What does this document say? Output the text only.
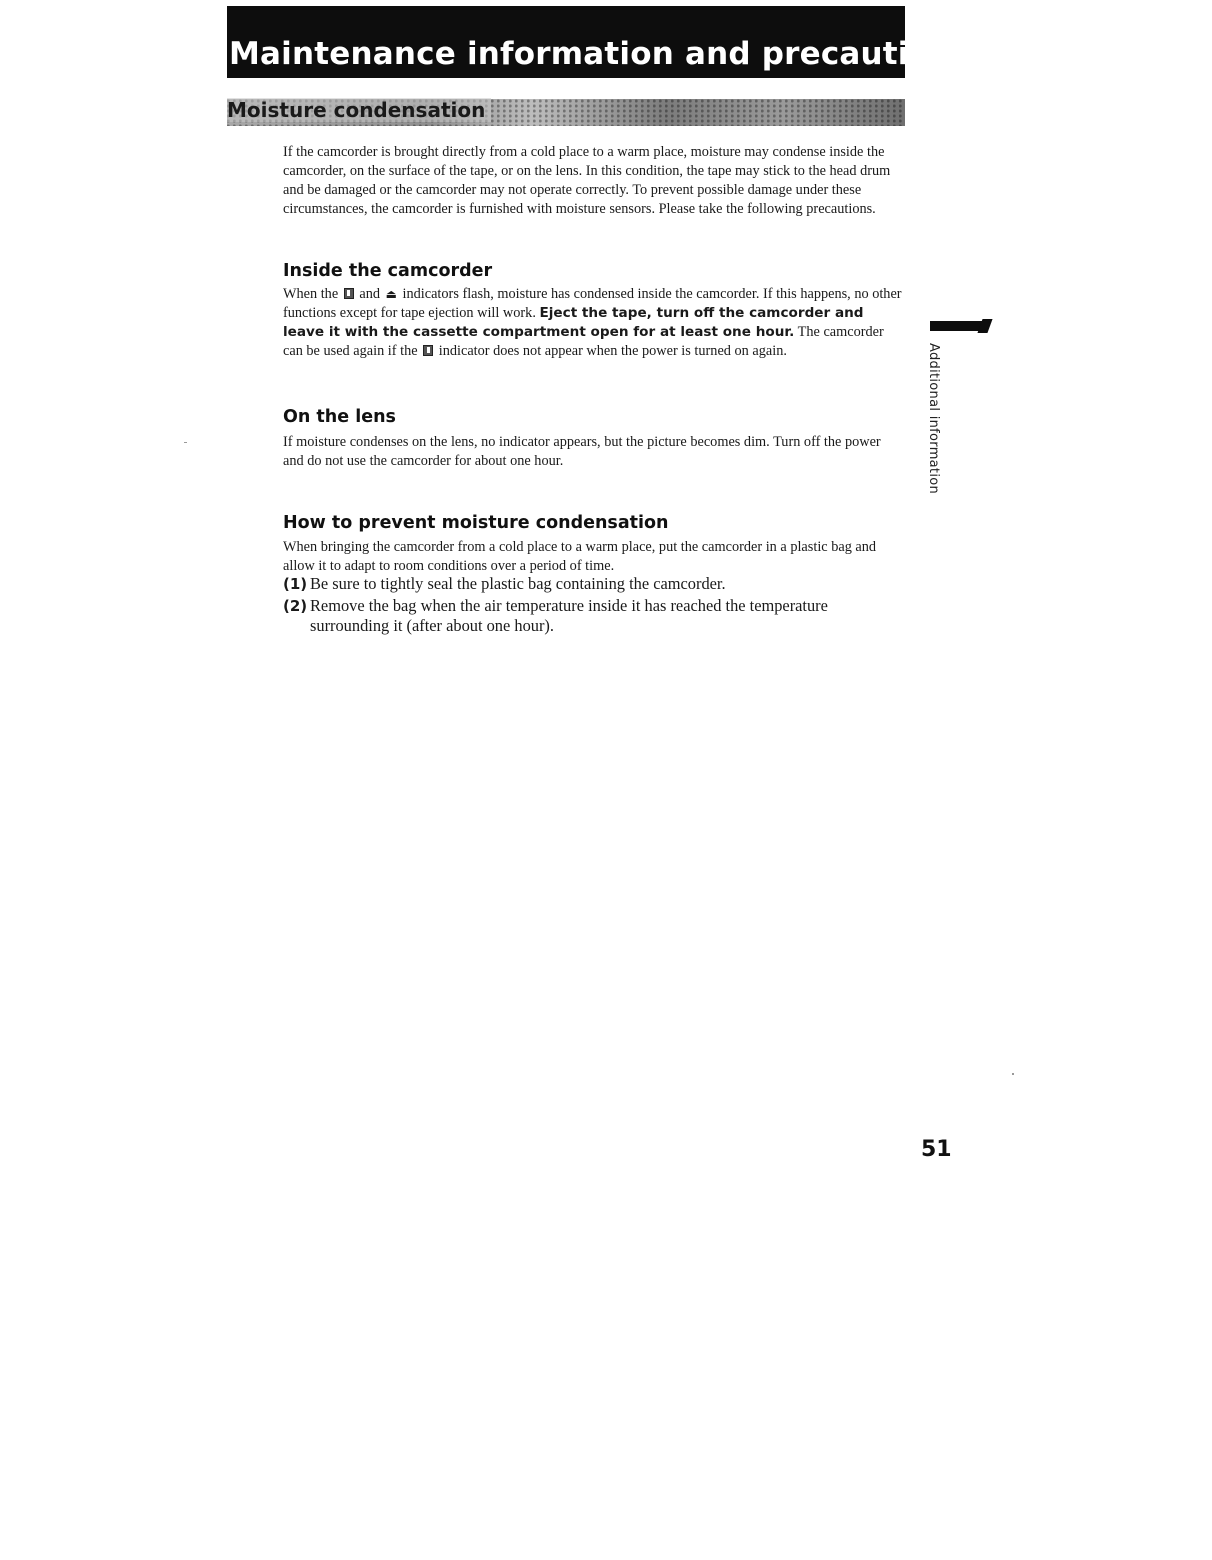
Maintenance information and precautions
Moisture condensation

If the camcorder is brought directly from a cold place to a warm place, moisture may condense inside the camcorder, on the surface of the tape, or on the lens. In this condition, the tape may stick to the head drum and be damaged or the camcorder may not operate correctly. To prevent possible damage under these circumstances, the camcorder is furnished with moisture sensors. Please take the following precautions.

Inside the camcorder

When the and ⏏ indicators flash, moisture has condensed inside the camcorder. If this happens, no other functions except for tape ejection will work. Eject the tape, turn off the camcorder and leave it with the cassette compartment open for at least one hour. The camcorder can be used again if the indicator does not appear when the power is turned on again.

On the lens

If moisture condenses on the lens, no indicator appears, but the picture becomes dim. Turn off the power and do not use the camcorder for about one hour.

How to prevent moisture condensation

When bringing the camcorder from a cold place to a warm place, put the camcorder in a plastic bag and allow it to adapt to room conditions over a period of time.

(1) Be sure to tightly seal the plastic bag containing the camcorder.
(2) Remove the bag when the air temperature inside it has reached the temperature surrounding it (after about one hour).
Additional information
51
